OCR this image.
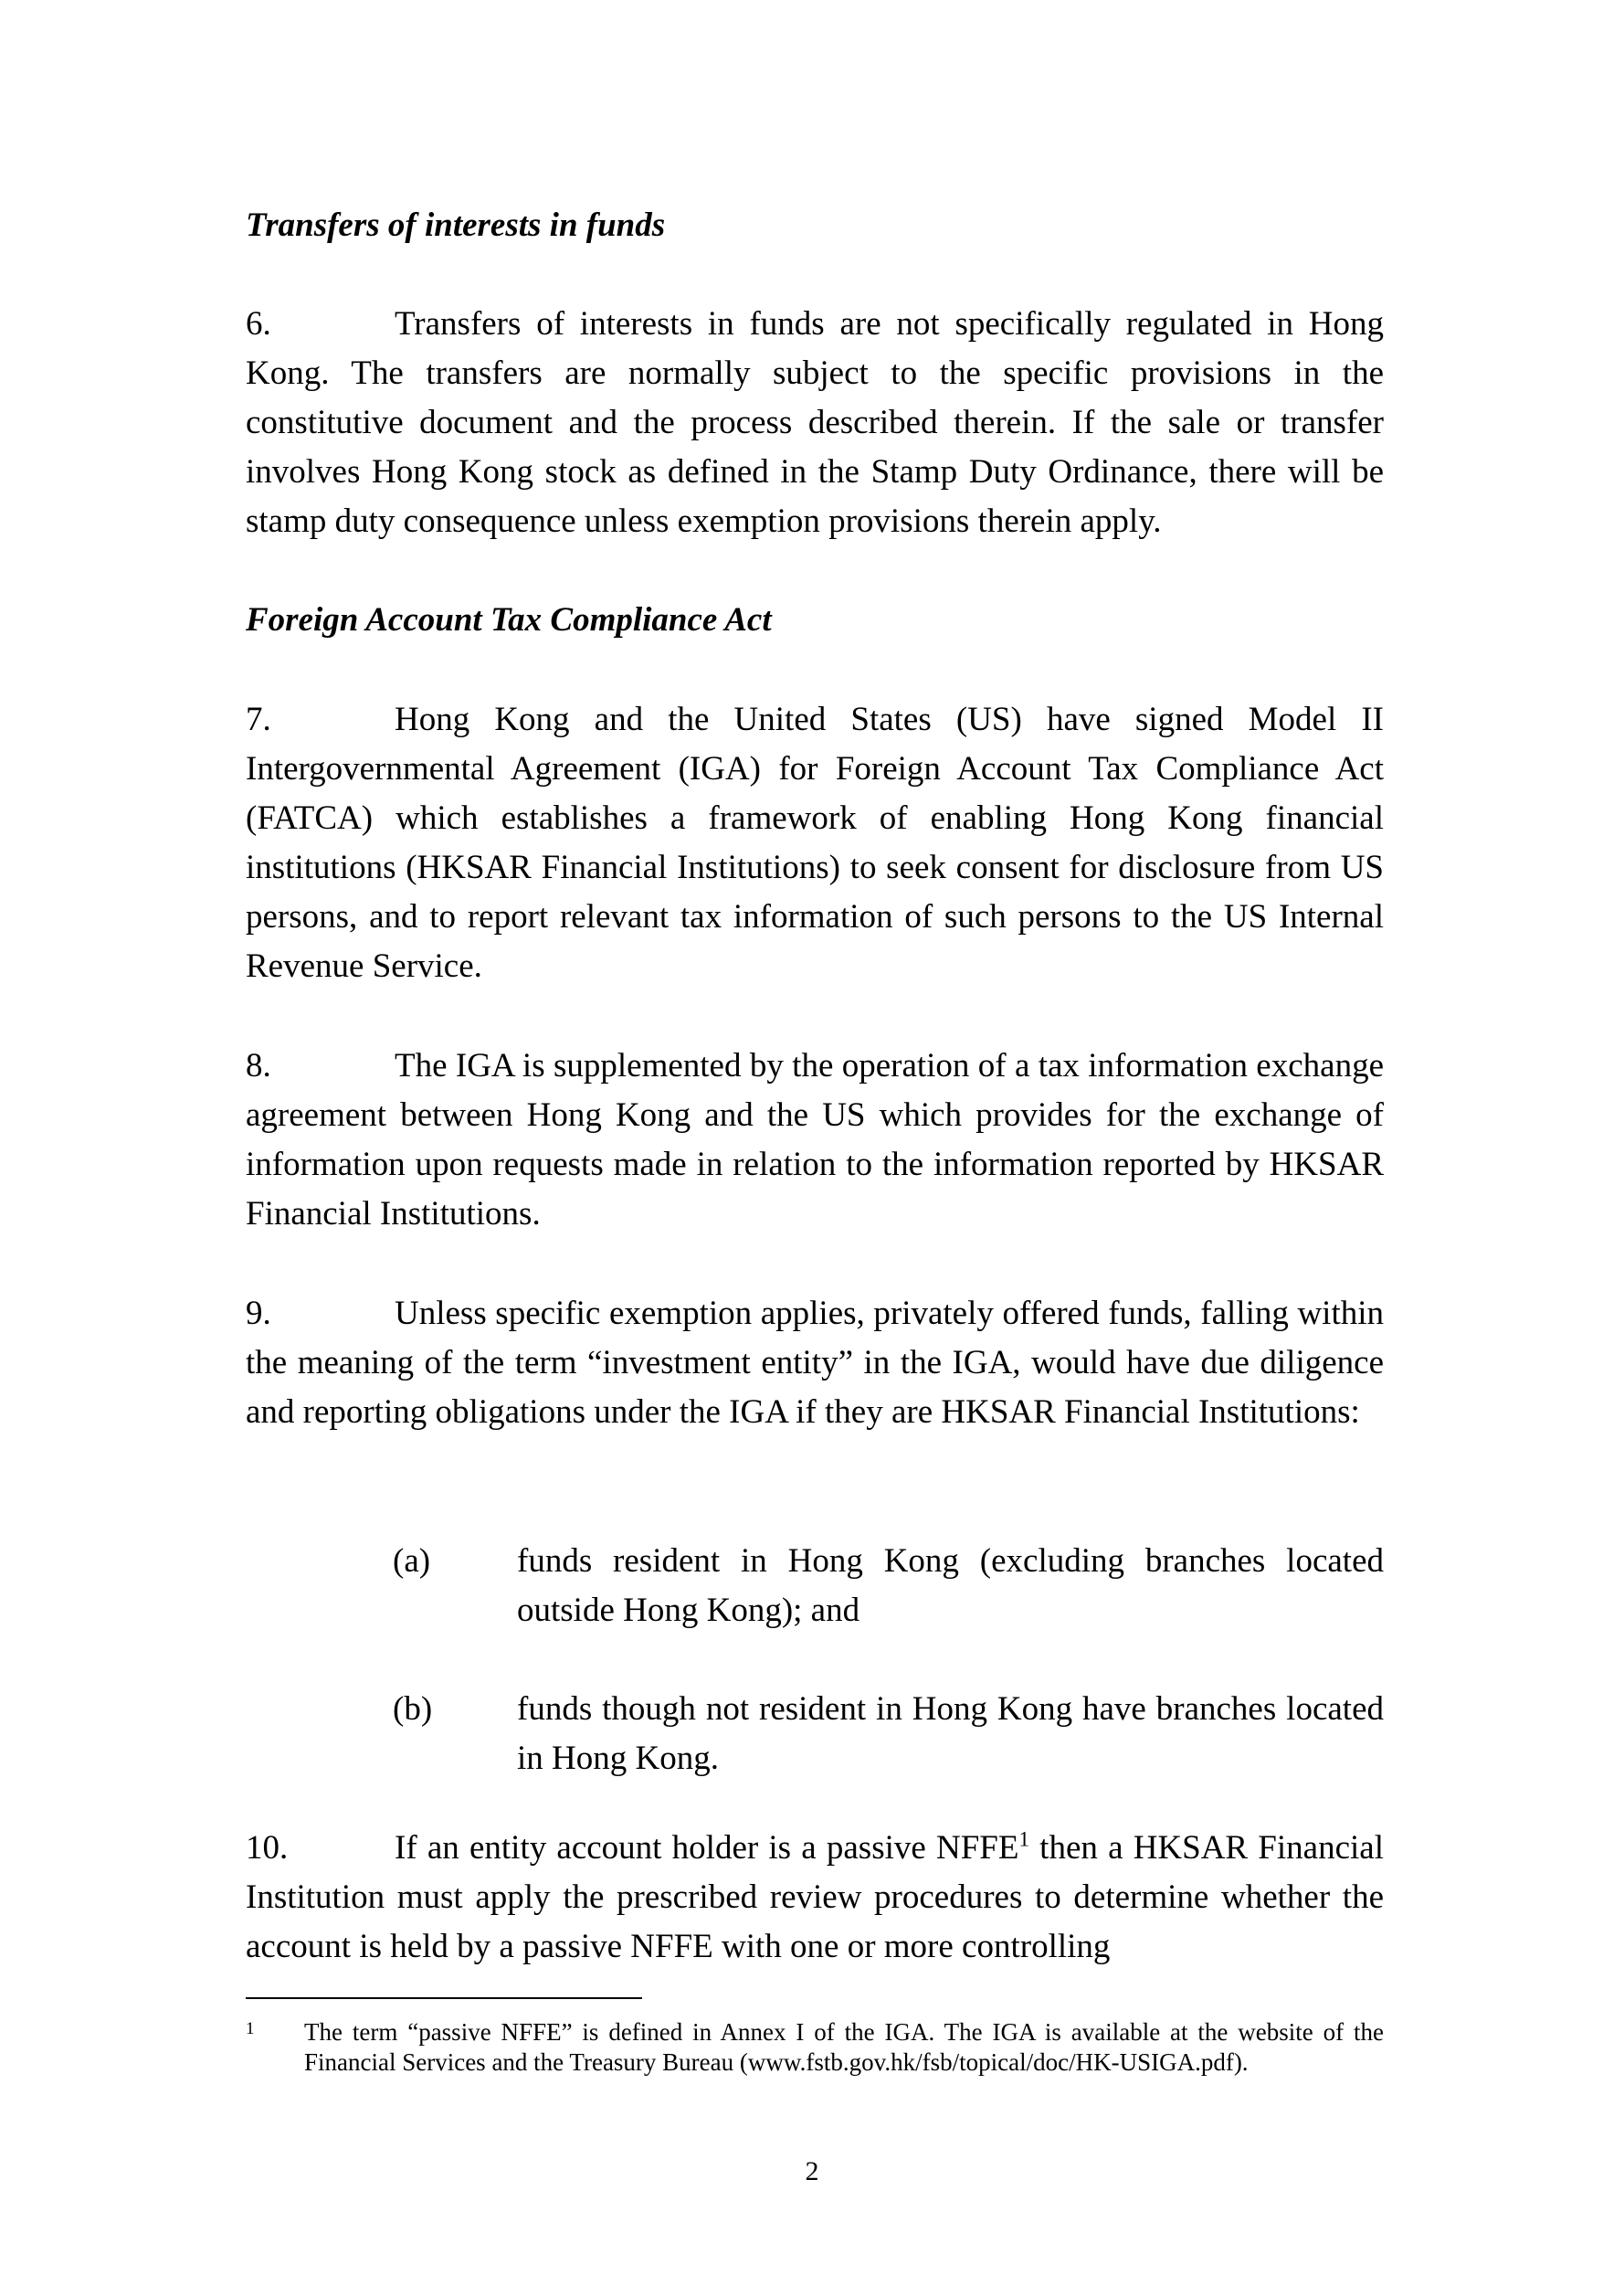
Transfers of interests in funds

6.	Transfers of interests in funds are not specifically regulated in Hong Kong. The transfers are normally subject to the specific provisions in the constitutive document and the process described therein. If the sale or transfer involves Hong Kong stock as defined in the Stamp Duty Ordinance, there will be stamp duty consequence unless exemption provisions therein apply.

Foreign Account Tax Compliance Act

7.	Hong Kong and the United States (US) have signed Model II Intergovernmental Agreement (IGA) for Foreign Account Tax Compliance Act (FATCA) which establishes a framework of enabling Hong Kong financial institutions (HKSAR Financial Institutions) to seek consent for disclosure from US persons, and to report relevant tax information of such persons to the US Internal Revenue Service.

8.	The IGA is supplemented by the operation of a tax information exchange agreement between Hong Kong and the US which provides for the exchange of information upon requests made in relation to the information reported by HKSAR Financial Institutions.

9.	Unless specific exemption applies, privately offered funds, falling within the meaning of the term “investment entity” in the IGA, would have due diligence and reporting obligations under the IGA if they are HKSAR Financial Institutions:

(a)	funds resident in Hong Kong (excluding branches located outside Hong Kong); and
(b)	funds though not resident in Hong Kong have branches located in Hong Kong.

10.	If an entity account holder is a passive NFFE$^1$ then a HKSAR Financial Institution must apply the prescribed review procedures to determine whether the account is held by a passive NFFE with one or more controlling

1 The term “passive NFFE” is defined in Annex I of the IGA. The IGA is available at the website of the Financial Services and the Treasury Bureau (www.fstb.gov.hk/fsb/topical/doc/HK-USIGA.pdf).
2
